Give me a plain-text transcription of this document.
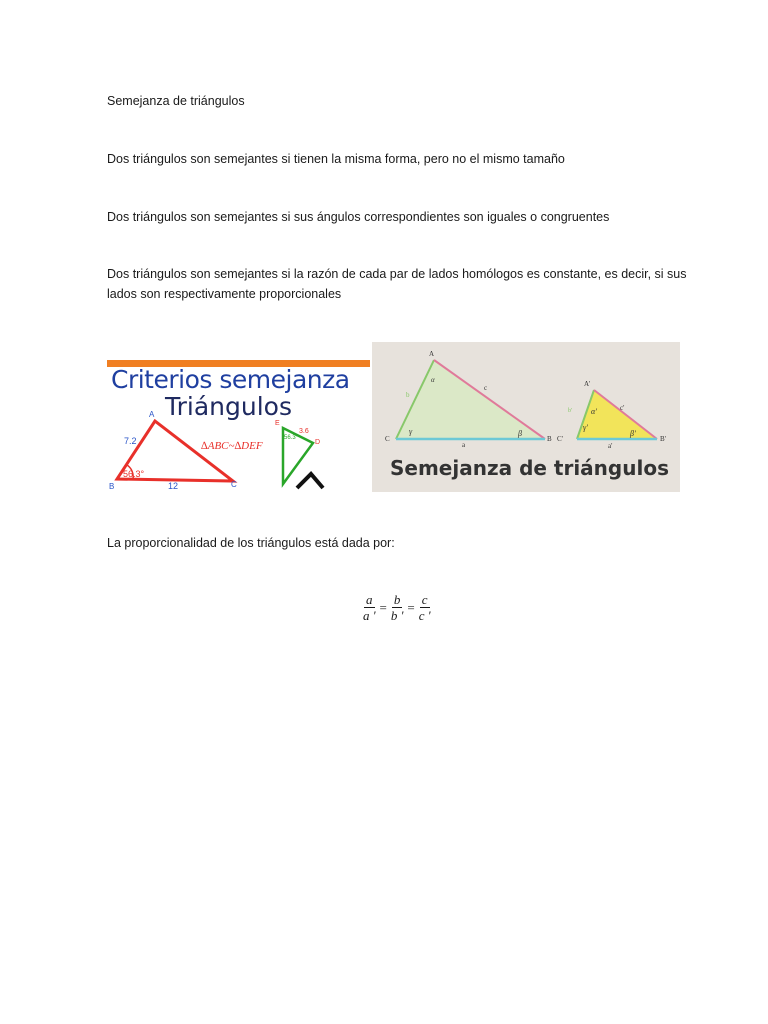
Semejanza de triángulos

Dos triángulos son semejantes si tienen la misma forma, pero no el mismo tamaño

Dos triángulos son semejantes si sus ángulos correspondientes son iguales o congruentes

Dos triángulos son semejantes si la razón de cada par de lados homólogos es constante, es decir, si sus lados son respectivamente proporcionales

Criterios semejanza
Triángulos
A
B	C
7.2
12
56.3°
∆ABC~∆DEF
E
D
3.6
56.3°
A
C	B
α
γ	β
a
b
c	A'
C'	B'
α'
γ'
β'
a'
b'	c'
Semejanza de triángulos

La proporcionalidad de los triángulos está dada por:

$\frac{a}{a '} = \frac{b}{b '} = \frac{c}{c '}$
